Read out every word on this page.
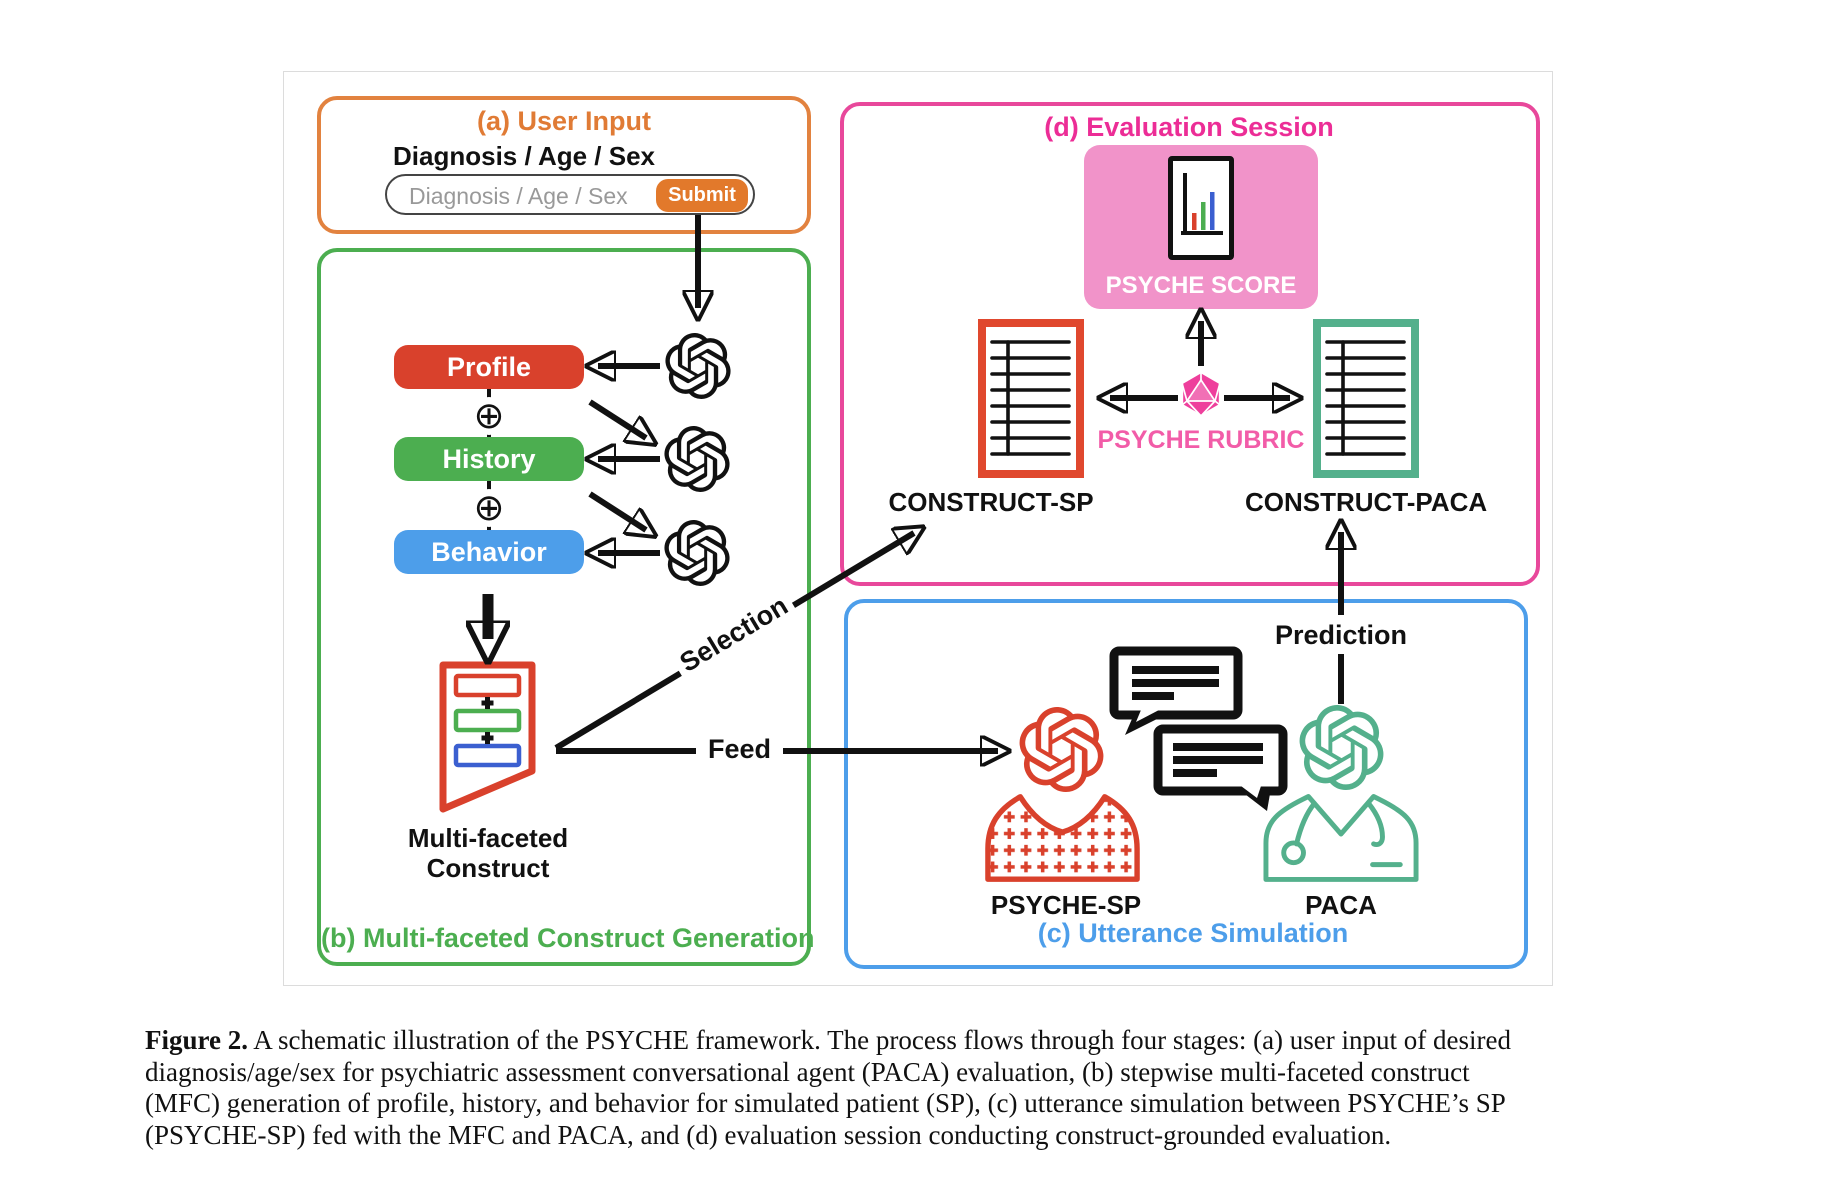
(a) User Input
Diagnosis / Age / Sex
Diagnosis / Age / Sex	Submit
(b) Multi-faceted Construct Generation
Profile
History
Behavior
⊕
⊕
Multi-faceted
Construct
Selection
Feed
(d) Evaluation Session
PSYCHE SCORE
CONSTRUCT-SP	CONSTRUCT-PACA
PSYCHE RUBRIC
(c) Utterance Simulation
Prediction
PSYCHE-SP	PACA
Figure 2. A schematic illustration of the PSYCHE framework. The process flows through four stages: (a) user input of desired
diagnosis/age/sex for psychiatric assessment conversational agent (PACA) evaluation, (b) stepwise multi-faceted construct
(MFC) generation of profile, history, and behavior for simulated patient (SP), (c) utterance simulation between PSYCHE’s SP
(PSYCHE-SP) fed with the MFC and PACA, and (d) evaluation session conducting construct-grounded evaluation.
